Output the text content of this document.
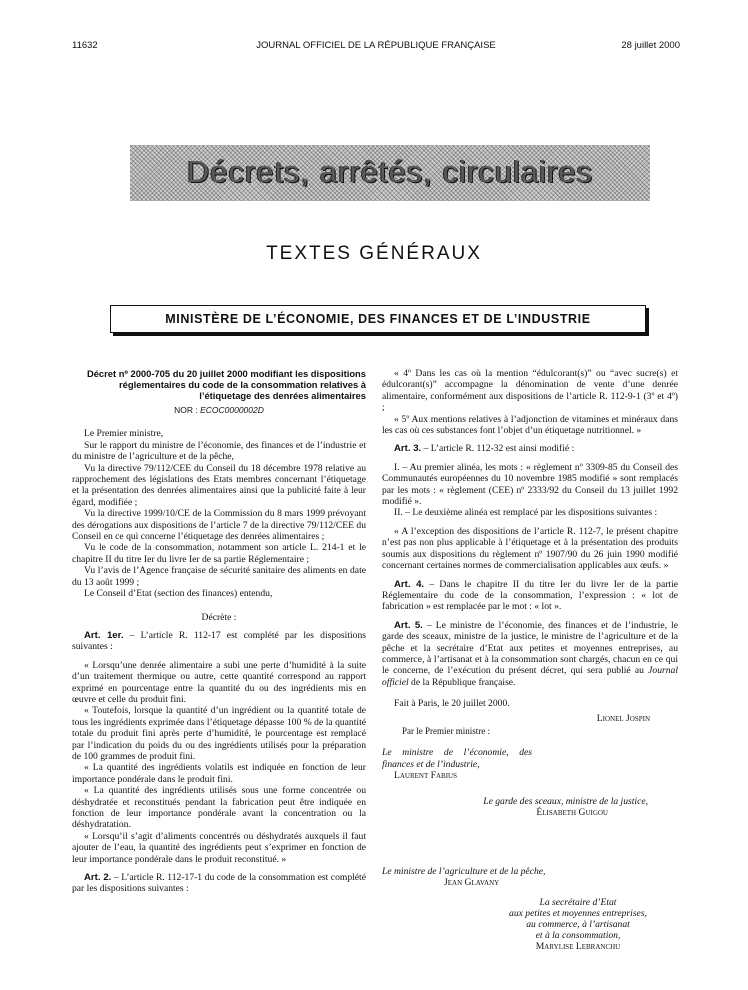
11632	JOURNAL OFFICIEL DE LA RÉPUBLIQUE FRANÇAISE	28 juillet 2000
Décrets, arrêtés, circulaires
TEXTES GÉNÉRAUX
MINISTÈRE DE L’ÉCONOMIE, DES FINANCES ET DE L’INDUSTRIE

Décret nº 2000-705 du 20 juillet 2000 modifiant les dispositions réglementaires du code de la consommation relatives à l’étiquetage des denrées alimentaires

NOR : ECOC0000002D

Le Premier ministre,

Sur le rapport du ministre de l’économie, des finances et de l’industrie et du ministre de l’agriculture et de la pêche,

Vu la directive 79/112/CEE du Conseil du 18 décembre 1978 relative au rapprochement des législations des Etats membres concernant l’étiquetage et la présentation des denrées alimentaires ainsi que la publicité faite à leur égard, modifiée ;

Vu la directive 1999/10/CE de la Commission du 8 mars 1999 prévoyant des dérogations aux dispositions de l’article 7 de la directive 79/112/CEE du Conseil en ce qui concerne l’étiquetage des denrées alimentaires ;

Vu le code de la consommation, notamment son article L. 214-1 et le chapitre II du titre Ier du livre Ier de sa partie Réglementaire ;

Vu l’avis de l’Agence française de sécurité sanitaire des aliments en date du 13 août 1999 ;

Le Conseil d’Etat (section des finances) entendu,

Décrète :

Art. 1er. – L’article R. 112-17 est complété par les dispositions suivantes :

« Lorsqu’une denrée alimentaire a subi une perte d’humidité à la suite d’un traitement thermique ou autre, cette quantité correspond au rapport exprimé en pourcentage entre la quantité du ou des ingrédients mis en œuvre et celle du produit fini.

« Toutefois, lorsque la quantité d’un ingrédient ou la quantité totale de tous les ingrédients exprimée dans l’étiquetage dépasse 100 % de la quantité totale du produit fini après perte d’humidité, le pourcentage est remplacé par l’indication du poids du ou des ingrédients utilisés pour la préparation de 100 grammes de produit fini.

« La quantité des ingrédients volatils est indiquée en fonction de leur importance pondérale dans le produit fini.

« La quantité des ingrédients utilisés sous une forme concentrée ou déshydratée et reconstitués pendant la fabrication peut être indiquée en fonction de leur importance pondérale avant la concentration ou la déshydratation.

« Lorsqu’il s’agit d’aliments concentrés ou déshydratés auxquels il faut ajouter de l’eau, la quantité des ingrédients peut s’exprimer en fonction de leur importance pondérale dans le produit reconstitué. »

Art. 2. – L’article R. 112-17-1 du code de la consommation est complété par les dispositions suivantes :

« 4º Dans les cas où la mention “édulcorant(s)” ou “avec sucre(s) et édulcorant(s)” accompagne la dénomination de vente d’une denrée alimentaire, conformément aux dispositions de l’article R. 112-9-1 (3º et 4º) ;

« 5º Aux mentions relatives à l’adjonction de vitamines et minéraux dans les cas où ces substances font l’objet d’un étiquetage nutritionnel. »

Art. 3. – L’article R. 112-32 est ainsi modifié :

I. – Au premier alinéa, les mots : « règlement nº 3309-85 du Conseil des Communautés européennes du 10 novembre 1985 modifié » sont remplacés par les mots : « règlement (CEE) nº 2333/92 du Conseil du 13 juillet 1992 modifié ».

II. – Le deuxième alinéa est remplacé par les dispositions suivantes :

« A l’exception des dispositions de l’article R. 112-7, le présent chapitre n’est pas non plus applicable à l’étiquetage et à la présentation des produits soumis aux dispositions du règlement nº 1907/90 du 26 juin 1990 modifié concernant certaines normes de commercialisation applicables aux œufs. »

Art. 4. – Dans le chapitre II du titre Ier du livre Ier de la partie Réglementaire du code de la consommation, l’expression : « lot de fabrication » est remplacée par le mot : « lot ».

Art. 5. – Le ministre de l’économie, des finances et de l’industrie, le garde des sceaux, ministre de la justice, le ministre de l’agriculture et de la pêche et la secrétaire d’Etat aux petites et moyennes entreprises, au commerce, à l’artisanat et à la consommation sont chargés, chacun en ce qui le concerne, de l’exécution du présent décret, qui sera publié au Journal officiel de la République française.

Fait à Paris, le 20 juillet 2000.

Lionel Jospin

Par le Premier ministre :

Le ministre de l’économie, des finances et de l’industrie,
Laurent Fabius
Le garde des sceaux, ministre de la justice,
Élisabeth Guigou
Le ministre de l’agriculture et de la pêche,
Jean Glavany
La secrétaire d’Etat
aux petites et moyennes entreprises,
au commerce, à l’artisanat
et à la consommation,
Marylise Lebranchu
